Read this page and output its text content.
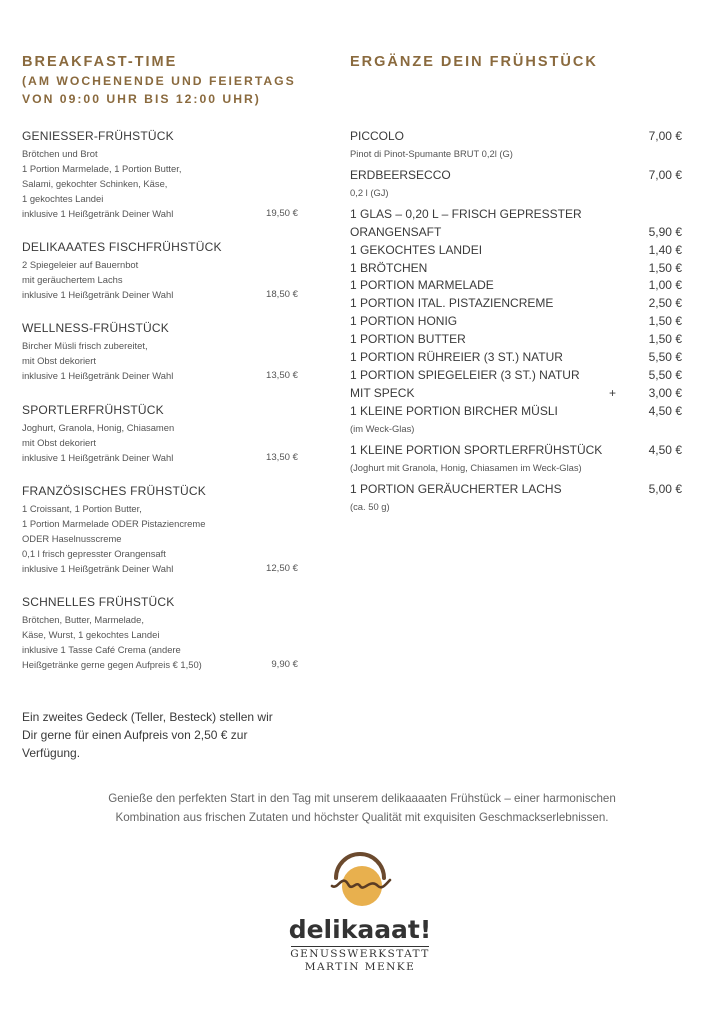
BREAKFAST-TIME
(AM WOCHENENDE UND FEIERTAGS
VON 09:00 UHR BIS 12:00 UHR)
ERGÄNZE DEIN FRÜHSTÜCK
GENIESSER-FRÜHSTÜCK
Brötchen und Brot
1 Portion Marmelade, 1 Portion Butter,
Salami, gekochter Schinken, Käse,
1 gekochtes Landei
inklusive 1 Heißgetränk Deiner Wahl	19,50 €
DELIKAAATES FISCHFRÜHSTÜCK
2 Spiegeleier auf Bauernbot
mit geräuchertem Lachs
inklusive 1 Heißgetränk Deiner Wahl	18,50 €
WELLNESS-FRÜHSTÜCK
Bircher Müsli frisch zubereitet,
mit Obst dekoriert
inklusive 1 Heißgetränk Deiner Wahl	13,50 €
SPORTLERFRÜHSTÜCK
Joghurt, Granola, Honig, Chiasamen
mit Obst dekoriert
inklusive 1 Heißgetränk Deiner Wahl	13,50 €
FRANZÖSISCHES FRÜHSTÜCK
1 Croissant, 1 Portion Butter,
1 Portion Marmelade ODER Pistaziencreme
ODER Haselnusscreme
0,1 l frisch gepresster Orangensaft
inklusive 1 Heißgetränk Deiner Wahl	12,50 €
SCHNELLES FRÜHSTÜCK
Brötchen, Butter, Marmelade,
Käse, Wurst, 1 gekochtes Landei
inklusive 1 Tasse Café Crema (andere
Heißgetränke gerne gegen Aufpreis € 1,50)	9,90 €
PICCOLO	7,00 €
Pinot di Pinot-Spumante BRUT 0,2l (G)
ERDBEERSECCO	7,00 €
0,2 l (GJ)
1 GLAS – 0,20 L – FRISCH GEPRESSTER
ORANGENSAFT	5,90 €
1 GEKOCHTES LANDEI	1,40 €
1 BRÖTCHEN	1,50 €
1 PORTION MARMELADE	1,00 €
1 PORTION ITAL. PISTAZIENCREME	2,50 €
1 PORTION HONIG	1,50 €
1 PORTION BUTTER	1,50 €
1 PORTION RÜHREIER (3 ST.) NATUR	5,50 €
1 PORTION SPIEGELEIER (3 ST.) NATUR	5,50 €
MIT SPECK	+	3,00 €
1 KLEINE PORTION BIRCHER MÜSLI	4,50 €
(im Weck-Glas)
1 KLEINE PORTION SPORTLERFRÜHSTÜCK	4,50 €
(Joghurt mit Granola, Honig, Chiasamen im Weck-Glas)
1 PORTION GERÄUCHERTER LACHS	5,00 €
(ca. 50 g)
Ein zweites Gedeck (Teller, Besteck) stellen wir
Dir gerne für einen Aufpreis von 2,50 € zur
Verfügung.
Genieße den perfekten Start in den Tag mit unserem delikaaaaten Frühstück – einer harmonischen
Kombination aus frischen Zutaten und höchster Qualität mit exquisiten Geschmackserlebnissen.
delikaaat!
GENUSSWERKSTATT
MARTIN MENKE
